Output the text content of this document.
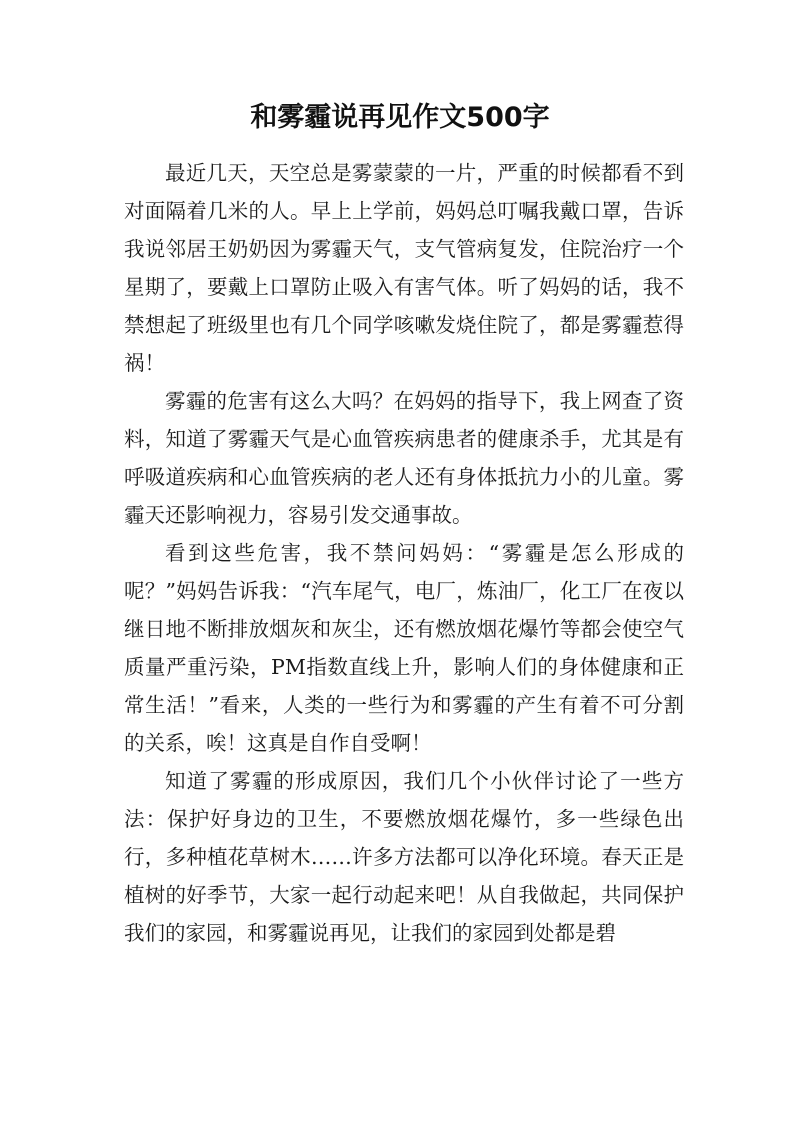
和雾霾说再见作文500字

最近几天，天空总是雾蒙蒙的一片，严重的时候都看不到对面隔着几米的人。早上上学前，妈妈总叮嘱我戴口罩，告诉我说邻居王奶奶因为雾霾天气，支气管病复发，住院治疗一个星期了，要戴上口罩防止吸入有害气体。听了妈妈的话，我不禁想起了班级里也有几个同学咳嗽发烧住院了，都是雾霾惹得祸！

雾霾的危害有这么大吗？在妈妈的指导下，我上网查了资料，知道了雾霾天气是心血管疾病患者的健康杀手，尤其是有呼吸道疾病和心血管疾病的老人还有身体抵抗力小的儿童。雾霾天还影响视力，容易引发交通事故。

看到这些危害，我不禁问妈妈：“雾霾是怎么形成的呢？”妈妈告诉我：“汽车尾气，电厂，炼油厂，化工厂在夜以继日地不断排放烟灰和灰尘，还有燃放烟花爆竹等都会使空气质量严重污染，PM指数直线上升，影响人们的身体健康和正常生活！”看来，人类的一些行为和雾霾的产生有着不可分割的关系，唉！这真是自作自受啊！

知道了雾霾的形成原因，我们几个小伙伴讨论了一些方法：保护好身边的卫生，不要燃放烟花爆竹，多一些绿色出行，多种植花草树木……许多方法都可以净化环境。春天正是植树的好季节，大家一起行动起来吧！从自我做起，共同保护我们的家园，和雾霾说再见，让我们的家园到处都是碧
